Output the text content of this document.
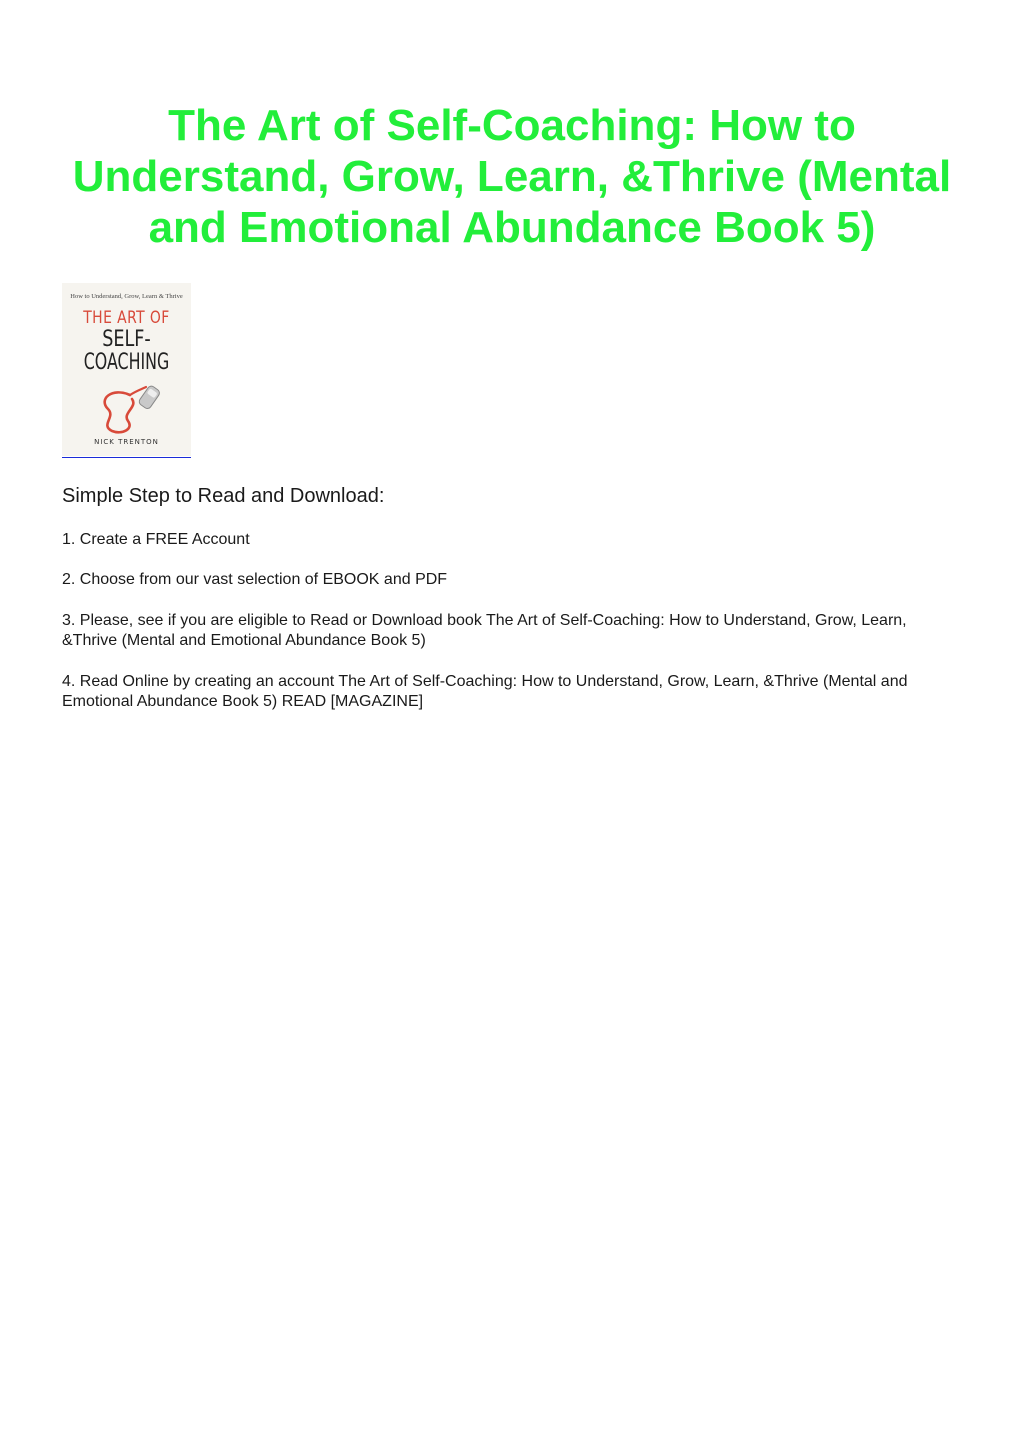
The Art of Self-Coaching: How to Understand, Grow, Learn, &Thrive (Mental and Emotional Abundance Book 5)
How to Understand, Grow, Learn & Thrive
THE ART OF
SELF-
COACHING
NICK TRENTON
Simple Step to Read and Download:

1. Create a FREE Account

2. Choose from our vast selection of EBOOK and PDF

3. Please, see if you are eligible to Read or Download book The Art of Self-Coaching: How to Understand, Grow, Learn, &Thrive (Mental and Emotional Abundance Book 5)

4. Read Online by creating an account The Art of Self-Coaching: How to Understand, Grow, Learn, &Thrive (Mental and Emotional Abundance Book 5) READ [MAGAZINE]
